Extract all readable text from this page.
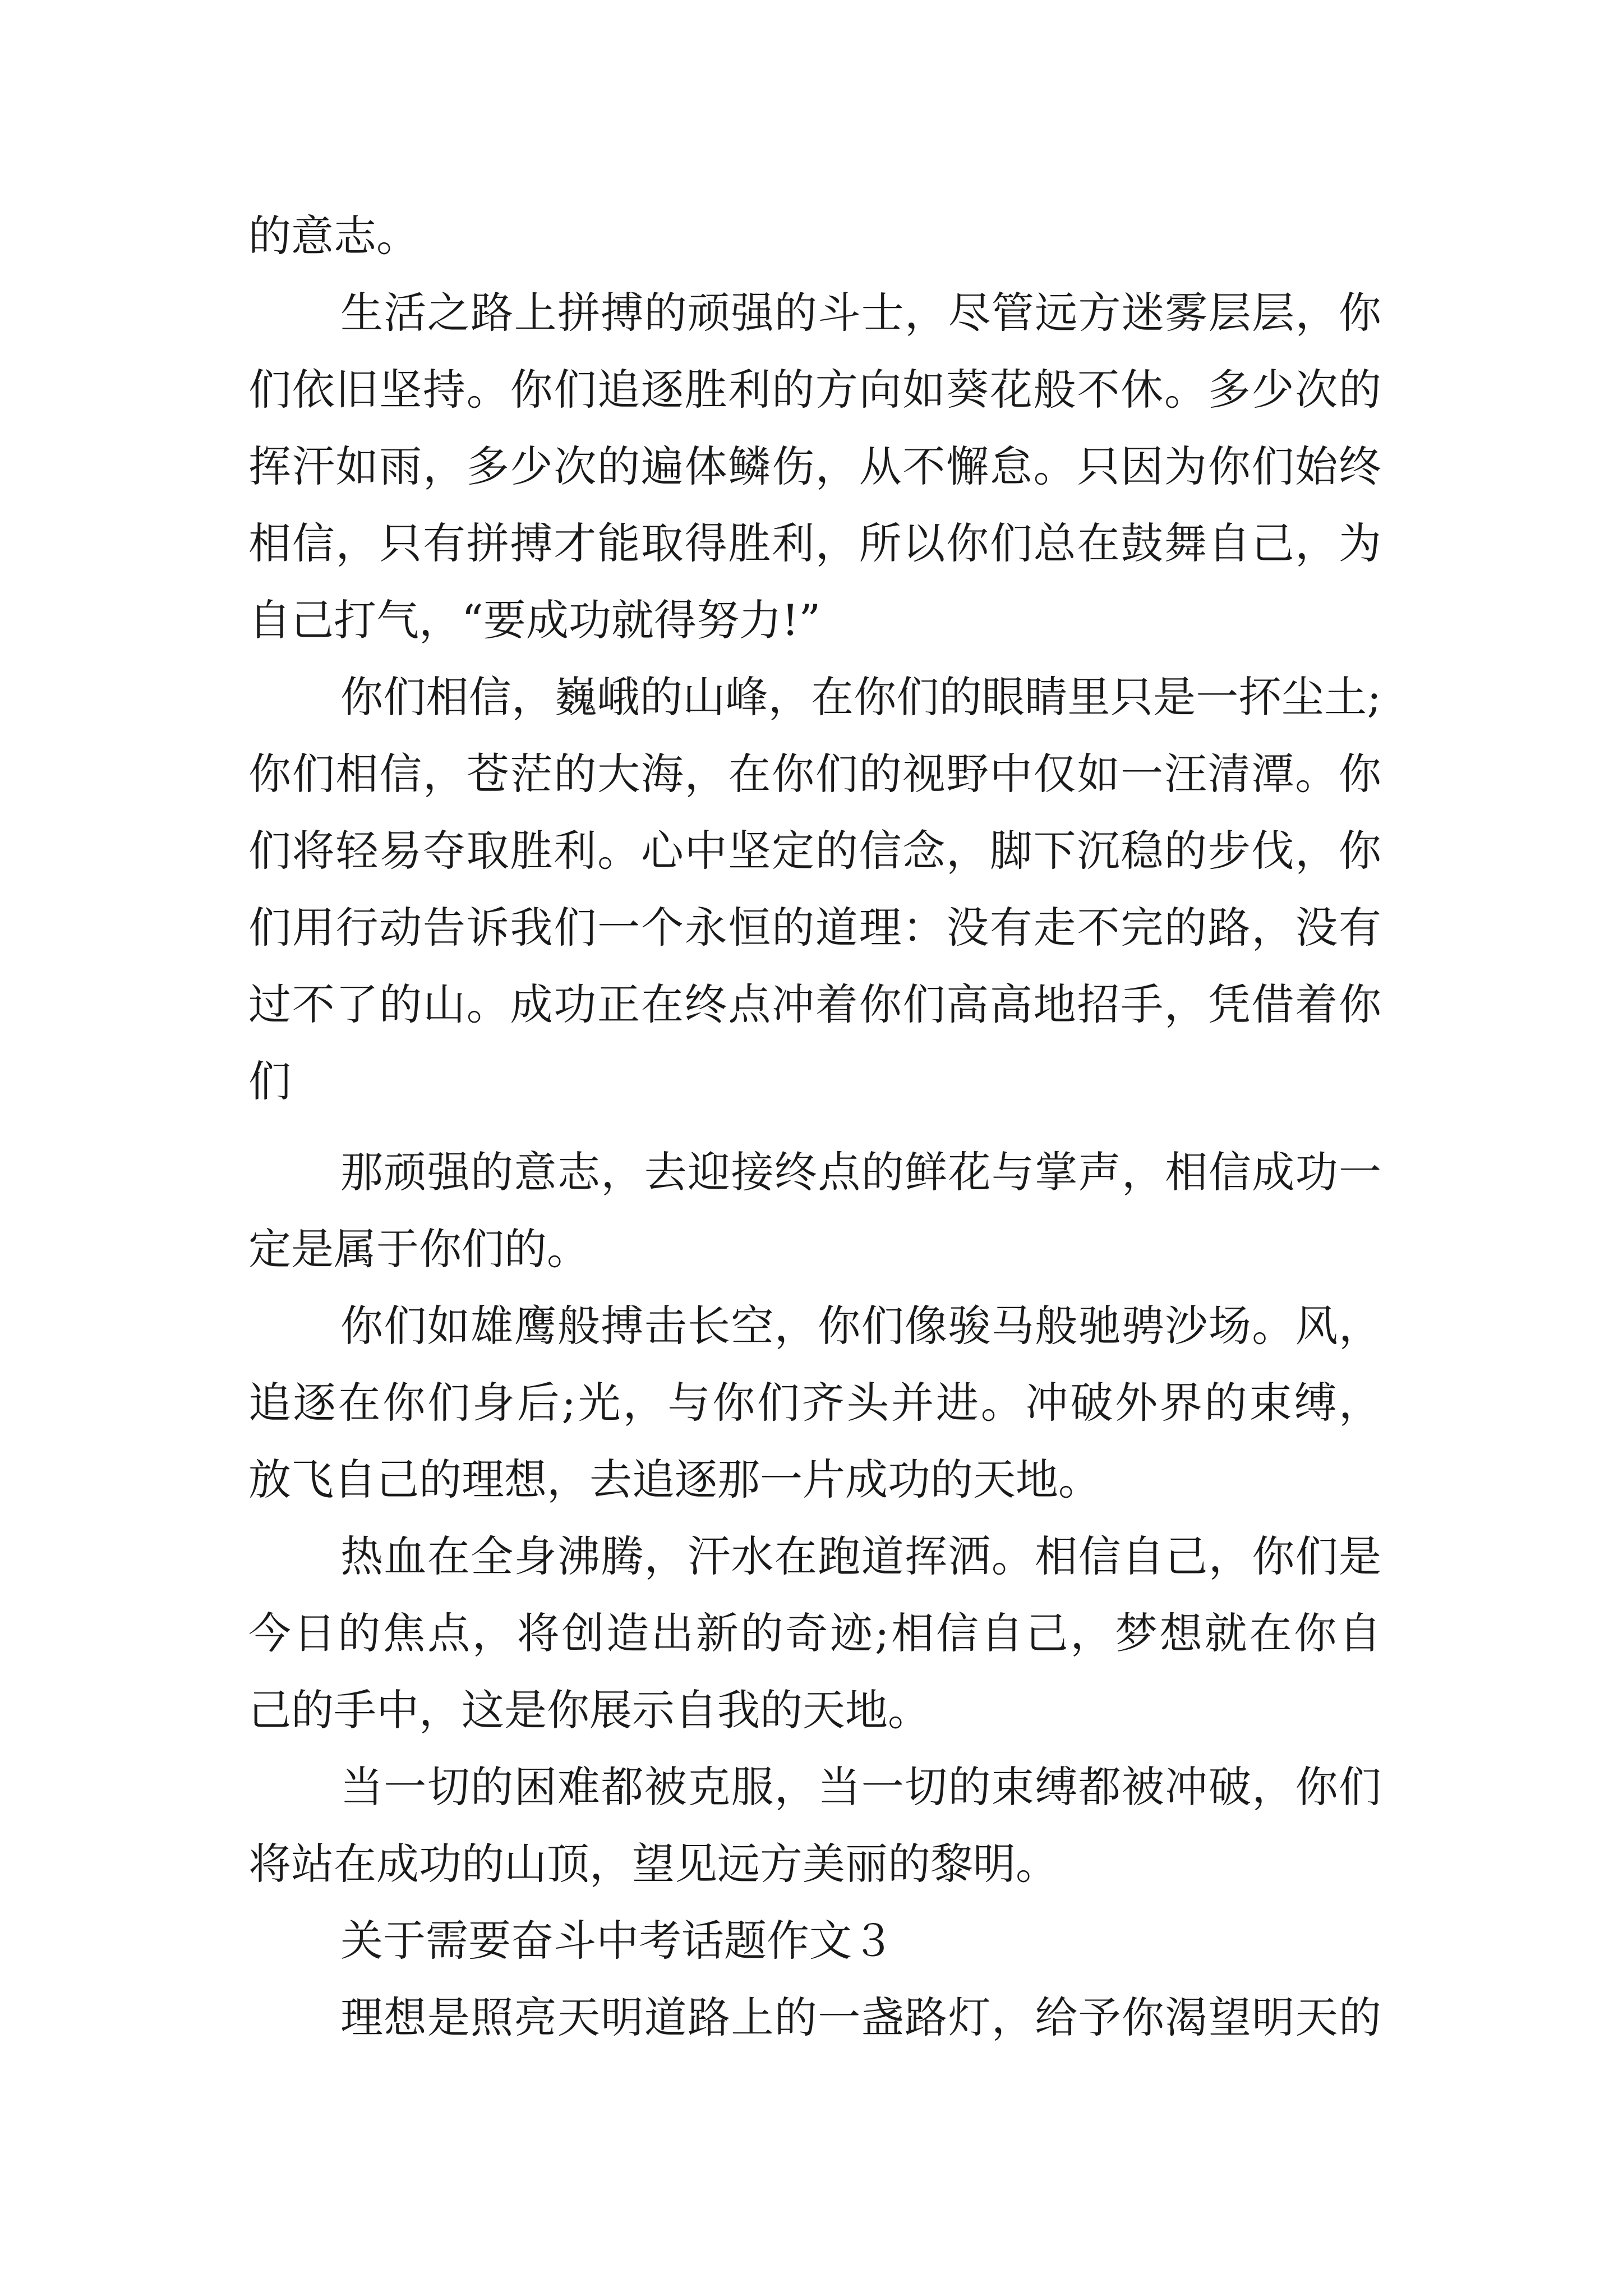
的意志。
生活之路上拼搏的顽强的斗士，尽管远方迷雾层层，你
们依旧坚持。你们追逐胜利的方向如葵花般不休。多少次的
挥汗如雨，多少次的遍体鳞伤，从不懈怠。只因为你们始终
相信，只有拼搏才能取得胜利，所以你们总在鼓舞自己，为
自己打气，“要成功就得努力!”
你们相信，巍峨的山峰，在你们的眼睛里只是一抔尘土;
你们相信，苍茫的大海，在你们的视野中仅如一汪清潭。你
们将轻易夺取胜利。心中坚定的信念，脚下沉稳的步伐，你
们用行动告诉我们一个永恒的道理：没有走不完的路，没有
过不了的山。成功正在终点冲着你们高高地招手，凭借着你
们
那顽强的意志，去迎接终点的鲜花与掌声，相信成功一
定是属于你们的。
你们如雄鹰般搏击长空，你们像骏马般驰骋沙场。风，
追逐在你们身后;光，与你们齐头并进。冲破外界的束缚，
放飞自己的理想，去追逐那一片成功的天地。
热血在全身沸腾，汗水在跑道挥洒。相信自己，你们是
今日的焦点，将创造出新的奇迹;相信自己，梦想就在你自
己的手中，这是你展示自我的天地。
当一切的困难都被克服，当一切的束缚都被冲破，你们
将站在成功的山顶，望见远方美丽的黎明。
关于需要奋斗中考话题作文３
理想是照亮天明道路上的一盏路灯，给予你渴望明天的
